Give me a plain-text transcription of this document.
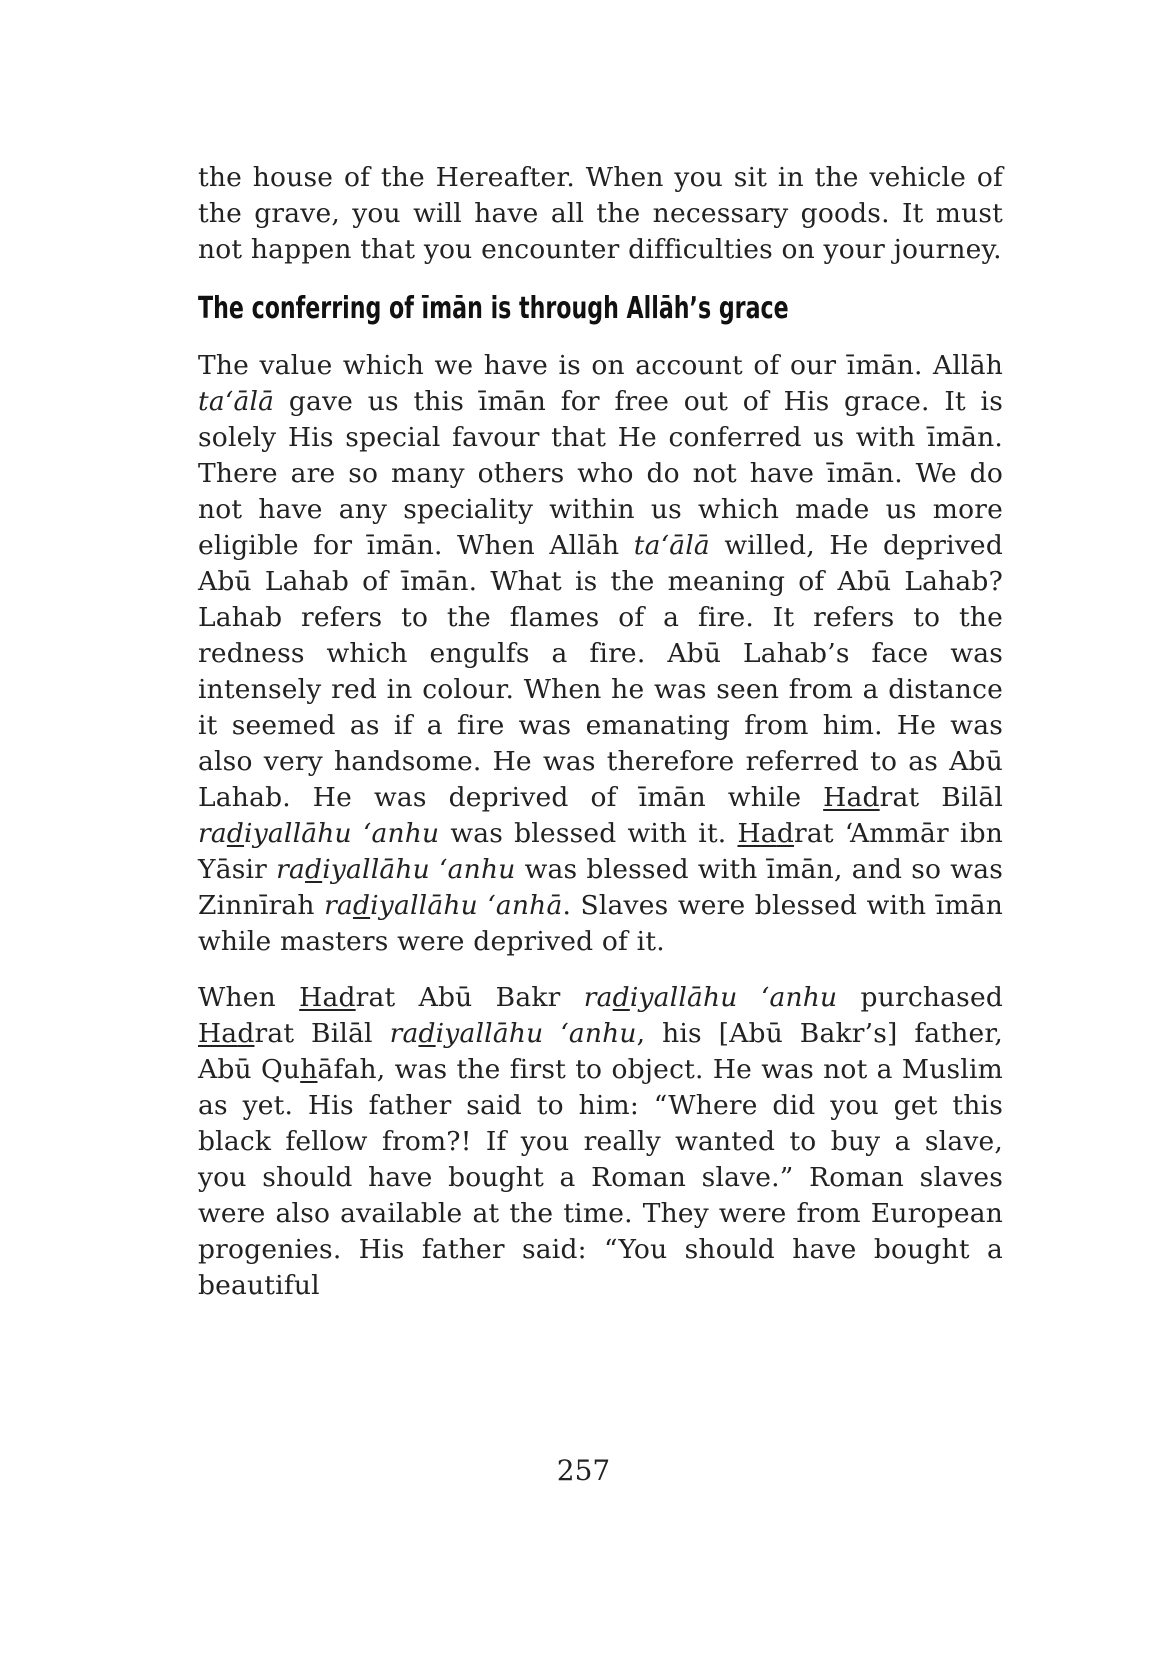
the house of the Hereafter. When you sit in the vehicle of the grave, you will have all the necessary goods. It must not happen that you encounter difficulties on your journey.

The conferring of īmān is through Allāh’s grace

The value which we have is on account of our īmān. Allāh ta‘ālā gave us this īmān for free out of His grace. It is solely His special favour that He conferred us with īmān. There are so many others who do not have īmān. We do not have any speciality within us which made us more eligible for īmān. When Allāh ta‘ālā willed, He deprived Abū Lahab of īmān. What is the meaning of Abū Lahab? Lahab refers to the flames of a fire. It refers to the redness which engulfs a fire. Abū Lahab’s face was intensely red in colour. When he was seen from a distance it seemed as if a fire was emanating from him. He was also very handsome. He was therefore referred to as Abū Lahab. He was deprived of īmān while Hadrat Bilāl radiyallāhu ‘anhu was blessed with it. Hadrat ‘Ammār ibn Yāsir radiyallāhu ‘anhu was blessed with īmān, and so was Zinnīrah radiyallāhu ‘anhā. Slaves were blessed with īmān while masters were deprived of it.

When Hadrat Abū Bakr radiyallāhu ‘anhu purchased Hadrat Bilāl radiyallāhu ‘anhu, his [Abū Bakr’s] father, Abū Quhāfah, was the first to object. He was not a Muslim as yet. His father said to him: “Where did you get this black fellow from?! If you really wanted to buy a slave, you should have bought a Roman slave.” Roman slaves were also available at the time. They were from European progenies. His father said: “You should have bought a beautiful

257
